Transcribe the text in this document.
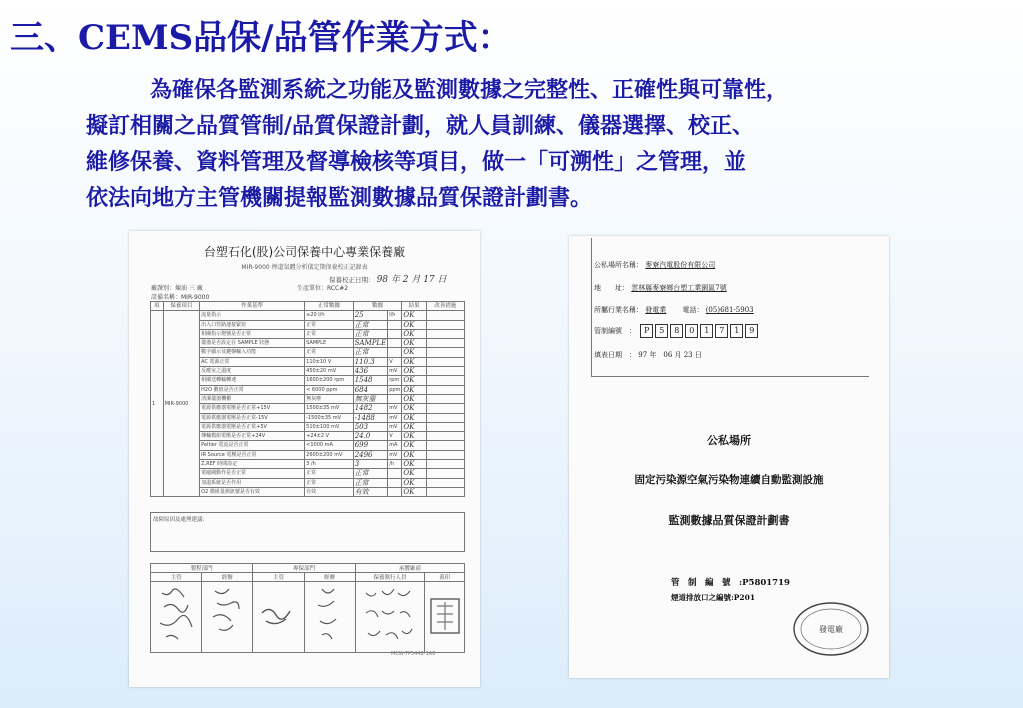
三、CEMS品保/品管作業方式：
為確保各監測系統之功能及監測數據之完整性、正確性與可靠性，
擬訂相關之品質管制/品質保證計劃，就人員訓練、儀器選擇、校正、
維修保養、資料管理及督導檢核等項目，做一「可溯性」之管理，並
依法向地方主管機關提報監測數據品質保證計劃書。
台塑石化(股)公司保養中心專業保養廠
MIR-9000 煙道氣體分析儀定期保養校正記錄表
保養校正日期： 98 年 2 月 17 日
廠課別：煉油 三 廠
設備名稱：MIR-9000
生產單位：RCC#2
項	保養項目	作業基準	正常數據	數據		結果	改善措施
1	MIR-9000	流量指示	≥20 l/h	25	l/h	OK	
		出入口管路連接緊密	正常	正常		OK	
		相關指示燈號是否正常	正常	正常		OK	
		儀器是否設定在 SAMPLE 狀態	SAMPLE	SAMPLE		OK	
		數字顯示及鍵盤輸入功能	正常	正常		OK	
		AC 電源正常	110±10 V	110.3	V	OK	
		反應室之溫度	450±20 mV	436	mV	OK	
		相關送轉輪轉速	1600±200 rpm	1548	rpm	OK	
		H2O 數值是否正常	< 6000 ppm	684	ppm	OK	
		清潔儀器機櫃	無灰塵	無灰塵		OK	
		電源供應器電壓是否正常+15V	1500±35 mV	1482	mV	OK	
		電源供應器電壓是否正常-15V	-1500±35 mV	-1488	mV	OK	
		電源供應器電壓是否正常+5V	510±100 mV	503	mV	OK	
		傳輸模組電壓是否正常+24V	+24±2 V	24.0	V	OK	
		Peltier 電流是否正常	<1000 mA	699	mA	OK	
		IR Source 電壓是否正常	2600±200 mV	2496	mV	OK	
		Z,REF 時間設定	3 /h	3	/h	OK	
		電磁閥動作是否正常	正常	正常		OK	
		加溫系統是否作用	正常	正常		OK	
		O2 模組量測訊號是否有效	有效	有效		OK	
故障原因及處理建議：
製程部門		專保部門		承攬廠商	
主管	經辦	主管	經辦	保養執行人員	蓋印

MCW-TP5448-3A6
公私場所名稱： 麥寮汽電股份有限公司
地　　址： 雲林縣麥寮鄉台塑工業園區7號
所屬行業名稱： 發電業 電話： (05)681-5903
管制編號　： P 5 8 0 1 7 1 9
填表日期　： 97 年　06 月 23 日
公私場所
固定污染源空氣污染物連續自動監測設施
監測數據品質保證計劃書
管　制　編　號　:P5801719
煙道排放口之編號:P201
發電廠
